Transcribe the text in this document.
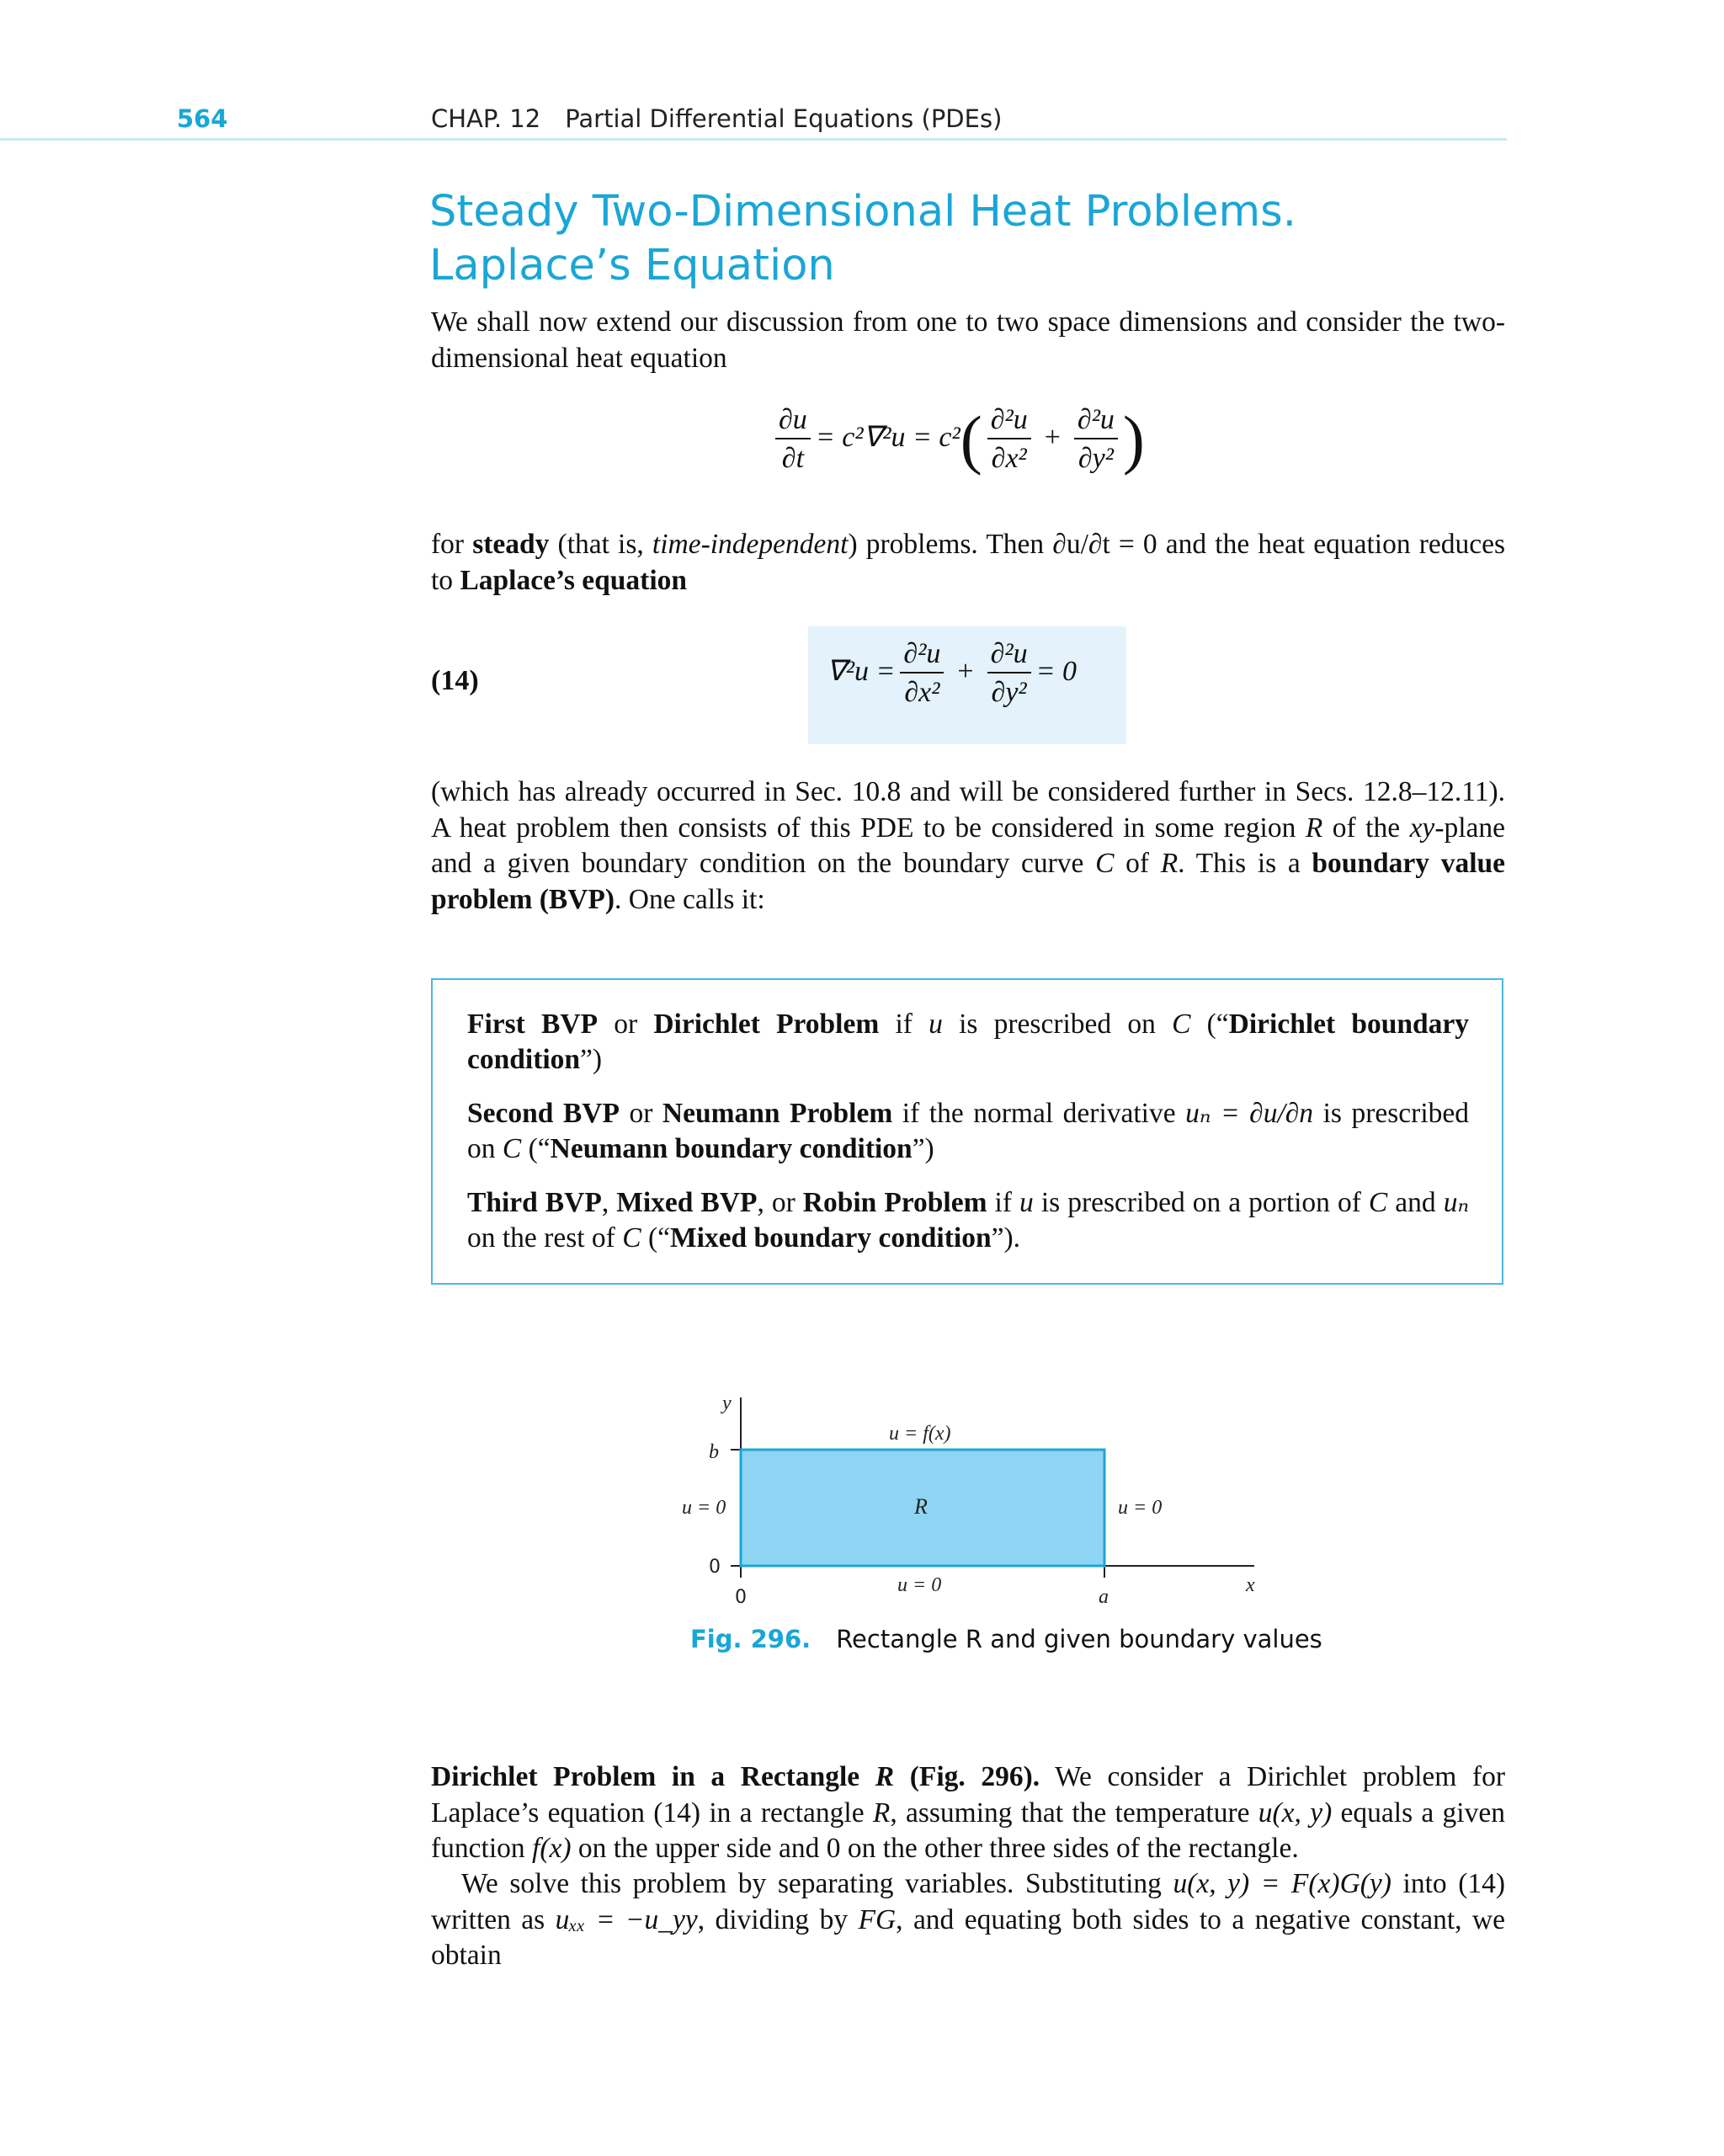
564	CHAP. 12 Partial Differential Equations (PDEs)
Steady Two-Dimensional Heat Problems.
Laplace’s Equation

We shall now extend our discussion from one to two space dimensions and consider the two-dimensional heat equation

$\frac{\partial u}{\partial t} = c^2\nabla^2u = c^2( \frac{\text{∂²u}}{\text{∂x²}} + \frac{\text{∂²u}}{\text{∂y²}}$ )

for steady (that is, time-independent) problems. Then ∂u/∂t = 0 and the heat equation reduces to Laplace’s equation

(14)	$\nabla^2u = \frac{\text{∂²u}}{\text{∂x²}} + \frac{\text{∂²u}}{\text{∂y²}} = 0$

(which has already occurred in Sec. 10.8 and will be considered further in Secs. 12.8–12.11). A heat problem then consists of this PDE to be considered in some region R of the xy-plane and a given boundary condition on the boundary curve C of R. This is a boundary value problem (BVP). One calls it:

First BVP or Dirichlet Problem if u is prescribed on C (“Dirichlet boundary condition”)

Second BVP or Neumann Problem if the normal derivative uₙ = ∂u/∂n is prescribed on C (“Neumann boundary condition”)

Third BVP, Mixed BVP, or Robin Problem if u is prescribed on a portion of C and uₙ on the rest of C (“Mixed boundary condition”).

y
x
b
0
0	a
u = f(x)
u = 0	u = 0
u = 0
R
Fig. 296. Rectangle R and given boundary values

Dirichlet Problem in a Rectangle R (Fig. 296). We consider a Dirichlet problem for Laplace’s equation (14) in a rectangle R, assuming that the temperature u(x, y) equals a given function f(x) on the upper side and 0 on the other three sides of the rectangle.

We solve this problem by separating variables. Substituting u(x, y) = F(x)G(y) into (14) written as uₓₓ = −u_yy, dividing by FG, and equating both sides to a negative constant, we obtain
